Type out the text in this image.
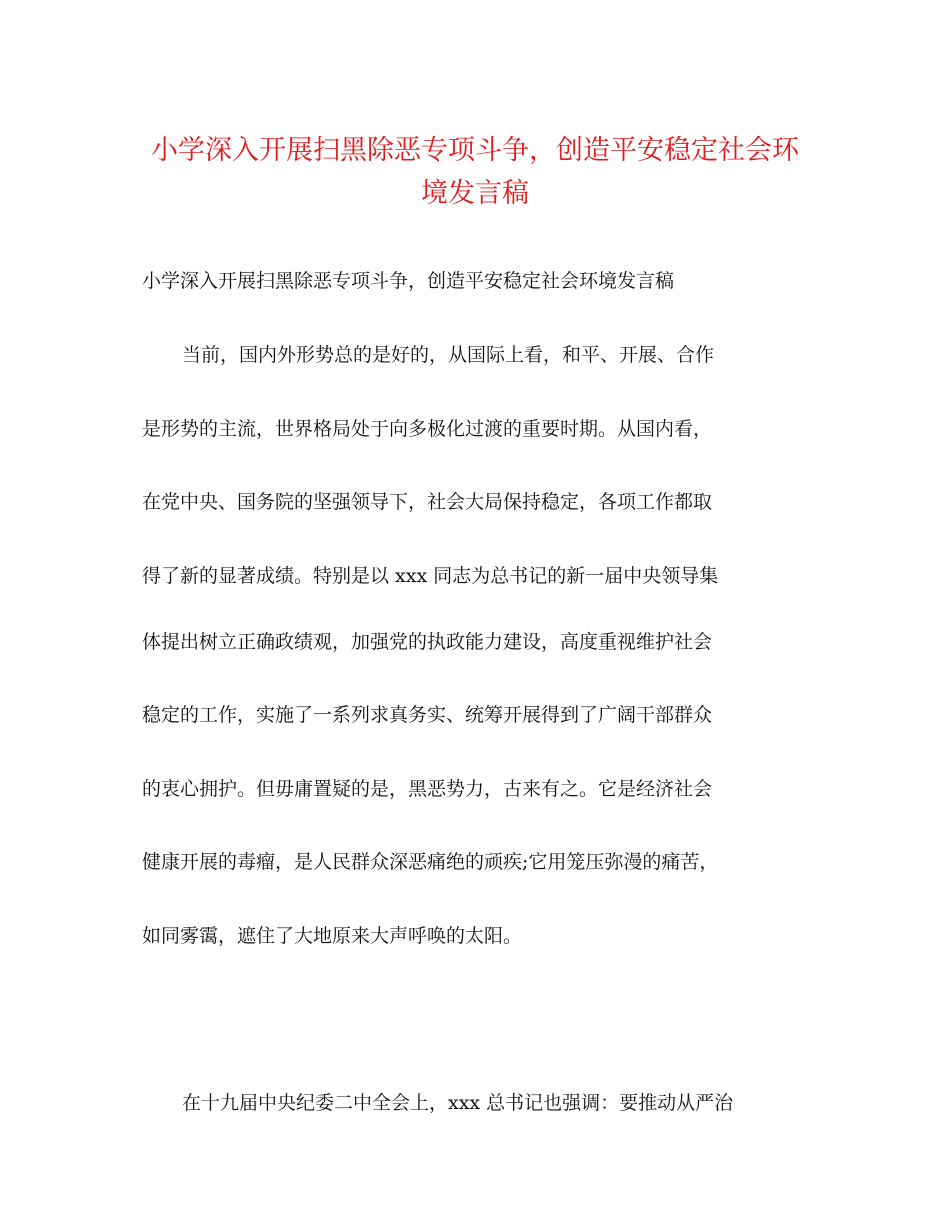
小学深入开展扫黑除恶专项斗争，创造平安稳定社会环
境发言稿
小学深入开展扫黑除恶专项斗争，创造平安稳定社会环境发言稿
当前，国内外形势总的是好的，从国际上看，和平、开展、合作
是形势的主流，世界格局处于向多极化过渡的重要时期。从国内看，
在党中央、国务院的坚强领导下，社会大局保持稳定，各项工作都取
得了新的显著成绩。特别是以 xxx 同志为总书记的新一届中央领导集
体提出树立正确政绩观，加强党的执政能力建设，高度重视维护社会
稳定的工作，实施了一系列求真务实、统筹开展得到了广阔干部群众
的衷心拥护。但毋庸置疑的是，黑恶势力，古来有之。它是经济社会
健康开展的毒瘤，是人民群众深恶痛绝的顽疾;它用笼压弥漫的痛苦，
如同雾霭，遮住了大地原来大声呼唤的太阳。
在十九届中央纪委二中全会上，xxx 总书记也强调：要推动从严治
